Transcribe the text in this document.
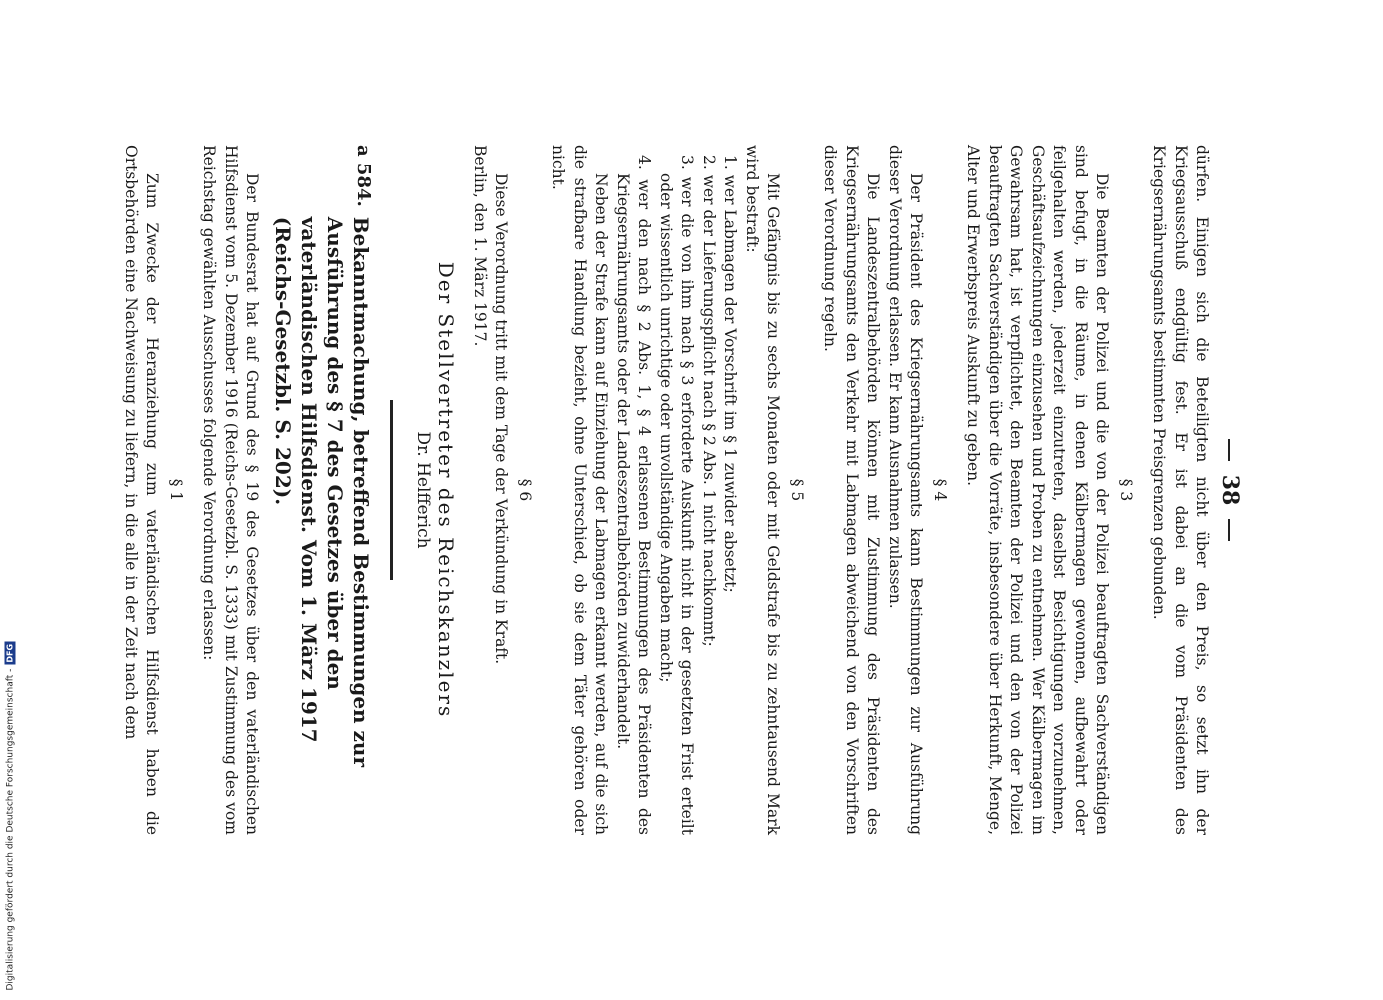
38

dürfen. Einigen sich die Beteiligten nicht über den Preis, so setzt ihn der Kriegsausschuß endgültig fest. Er ist dabei an die vom Präsidenten des Kriegsernährungsamts bestimmten Preisgrenzen gebunden.

§ 3

Die Beamten der Polizei und die von der Polizei beauftragten Sachverständigen sind befugt, in die Räume, in denen Kälbermagen gewonnen, aufbewahrt oder feilgehalten werden, jederzeit einzutreten, daselbst Besichtigungen vorzunehmen, Geschäftsaufzeichnungen einzusehen und Proben zu entnehmen. Wer Kälbermagen im Gewahrsam hat, ist verpflichtet, den Beamten der Polizei und den von der Polizei beauftragten Sachverständigen über die Vorräte, insbesondere über Herkunft, Menge, Alter und Erwerbspreis Auskunft zu geben.

§ 4

Der Präsident des Kriegsernährungsamts kann Bestimmungen zur Ausführung dieser Verordnung erlassen. Er kann Ausnahmen zulassen.

Die Landeszentralbehörden können mit Zustimmung des Präsidenten des Kriegsernährungsamts den Verkehr mit Labmagen abweichend von den Vorschriften dieser Verordnung regeln.

§ 5

Mit Gefängnis bis zu sechs Monaten oder mit Geldstrafe bis zu zehntausend Mark wird bestraft:

1. wer Labmagen der Vorschrift im § 1 zuwider absetzt;

2. wer der Lieferungspflicht nach § 2 Abs. 1 nicht nachkommt;

3. wer die von ihm nach § 3 erforderte Auskunft nicht in der gesetzten Frist erteilt oder wissentlich unrichtige oder unvollständige Angaben macht;

4. wer den nach § 2 Abs. 1, § 4 erlassenen Bestimmungen des Präsidenten des Kriegsernährungsamts oder der Landeszentralbehörden zuwiderhandelt.

Neben der Strafe kann auf Einziehung der Labmagen erkannt werden, auf die sich die strafbare Handlung bezieht, ohne Unterschied, ob sie dem Täter gehören oder nicht.

§ 6

Diese Verordnung tritt mit dem Tage der Verkündung in Kraft.

Berlin, den 1. März 1917.

Der Stellvertreter des Reichskanzlers
Dr. Helfferich
a 584.
Bekanntmachung, betreffend Bestimmungen zur Ausführung des § 7 des Gesetzes über den vaterländischen Hilfsdienst. Vom 1. März 1917 (Reichs-Gesetzbl. S. 202).

Der Bundesrat hat auf Grund des § 19 des Gesetzes über den vaterländischen Hilfsdienst vom 5. Dezember 1916 (Reichs-Gesetzbl. S. 1333) mit Zustimmung des vom Reichstag gewählten Ausschusses folgende Verordnung erlassen:

§ 1

Zum Zwecke der Heranziehung zum vaterländischen Hilfsdienst haben die Ortsbehörden eine Nachweisung zu liefern, in die alle in der Zeit nach dem

Digitalisierung gefördert durch die Deutsche Forschungsgemeinschaft -
DFG
